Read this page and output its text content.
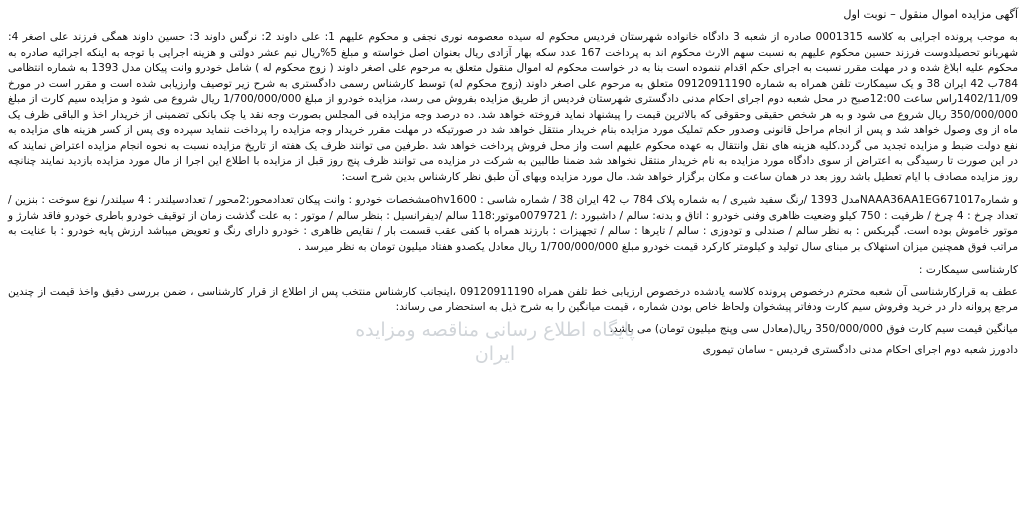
آگهی مزایده اموال منقول – نوبت اول

به موجب پرونده اجرایی به کلاسه 0001315 صادره از شعبه 3 دادگاه خانواده شهرستان فردیس محکوم له سیده معصومه نوری نجفی و محکوم علیهم 1: علی داوند 2: نرگس داوند 3: حسین داوند همگی فرزند علی اصغر 4: شهربانو تحصیلدوست فرزند حسین محکوم علیهم به نسبت سهم الارث محکوم اند به پرداخت 167 عدد سکه بهار آزادی ریال بعنوان اصل خواسته و مبلغ 5%ریال نیم عشر دولتی و هزینه اجرایی با توجه به اینکه اجرائیه صادره به محکوم علیه ابلاغ شده و در مهلت مقرر نسبت به اجرای حکم اقدام ننموده است بنا به در خواست محکوم له اموال منقول متعلق به مرحوم علی اصغر داوند ( زوج محکوم له ) شامل خودرو وانت پیکان مدل 1393 به شماره انتظامی 784ب 42 ایران 38 و یک سیمکارت تلفن همراه به شماره 09120911190 متعلق به مرحوم علی اصغر داوند (زوج محکوم له) توسط کارشناس رسمی دادگستری به شرح زیر توصیف وارزیابی شده است و مقرر است در مورخ 1402/11/09راس ساعت 12:00صبح در محل شعبه دوم اجرای احکام مدنی دادگستری شهرستان فردیس از طریق مزایده بفروش می رسد، مزایده خودرو از مبلغ 1/700/000/000 ریال شروع می شود و مزایده سیم کارت از مبلغ 350/000/000 ریال شروع می شود و به هر شخص حقیقی وحقوقی که بالاترین قیمت را پیشنهاد نماید فروخته خواهد شد. ده درصد وجه مزایده فی المجلس بصورت وجه نقد یا چک بانکی تضمینی از خریدار اخذ و الباقی ظرف یک ماه از وی وصول خواهد شد و پس از انجام مراحل قانونی وصدور حکم تملیک مورد مزایده بنام خریدار منتقل خواهد شد در صورتیکه در مهلت مقرر خریدار وجه مزایده را پرداخت ننماید سپرده وی پس از کسر هزینه های مزایده به نفع دولت ضبط و مزایده تجدید می گردد.کلیه هزینه های نقل وانتقال به عهده محکوم علیهم است واز محل فروش پرداخت خواهد شد .طرفین می توانند ظرف یک هفته از تاریخ مزایده نسبت به نحوه انجام مزایده اعتراض نمایند که در این صورت تا رسیدگی به اعتراض از سوی دادگاه مورد مزایده به نام خریدار منتقل نخواهد شد ضمنا طالبین به شرکت در مزایده می توانند ظرف پنج روز قبل از مزایده با اطلاع این اجرا از مال مورد مزایده بازدید نمایند چنانچه روز مزایده مصادف با ایام تعطیل باشد روز بعد در همان ساعت و مکان برگزار خواهد شد. مال مورد مزایده وبهای آن طبق نظر کارشناس بدین شرح است:

و شمارهNAAA36AA1EG671017مدل 1393 /رنگ سفید شیری / به شماره پلاک 784 ب 42 ایران 38 / شماره شاسی : ohv1600مشخصات خودرو : وانت پیکان تعدادمحور:2محور / تعدادسیلندر : 4 سیلندر/ نوع سوخت : بنزین / تعداد چرخ : 4 چرخ / ظرفیت : 750 کیلو وضعیت ظاهری وفنی خودرو : اتاق و بدنه: سالم / داشبورد :/ 0079721موتور:118 سالم /دیفرانسیل : بنظر سالم / موتور : به علت گذشت زمان از توقیف خودرو باطری خودرو فاقد شارژ و موتور خاموش بوده است. گیربکس : به نظر سالم / صندلی و تودوزی : سالم / تایرها : سالم / تجهیزات : بارزند همراه با کفی عقب قسمت بار / نقایص ظاهری : خودرو دارای رنگ و تعویض میباشد ارزش پایه خودرو : با عنایت به مراتب فوق همچنین میزان استهلاک بر مبنای سال تولید و کیلومتر کارکرد قیمت خودرو مبلغ 1/700/000/000 ریال معادل یکصدو هفتاد میلیون تومان به نظر میرسد .

کارشناسی سیمکارت :

عطف به قرارکارشناسی آن شعبه محترم درخصوص پرونده کلاسه یادشده درخصوص ارزیابی خط تلفن همراه 09120911190 ،اینجانب کارشناس منتخب پس از اطلاع از قرار کارشناسی ، ضمن بررسی دقیق واخذ قیمت از چندین مرجع پروانه دار در خرید وفروش سیم کارت ودفاتر پیشخوان ولحاظ خاص بودن شماره ، قیمت میانگین را به شرح ذیل به استحضار می رساند:

میانگین قیمت سیم کارت فوق 350/000/000 ریال(معادل سی وپنج میلیون تومان) می باشد.
دادورز شعبه دوم اجرای احکام مدنی دادگستری فردیس - سامان تیموری
پایگاه اطلاع رسانی مناقصه ومزایده
ایران
